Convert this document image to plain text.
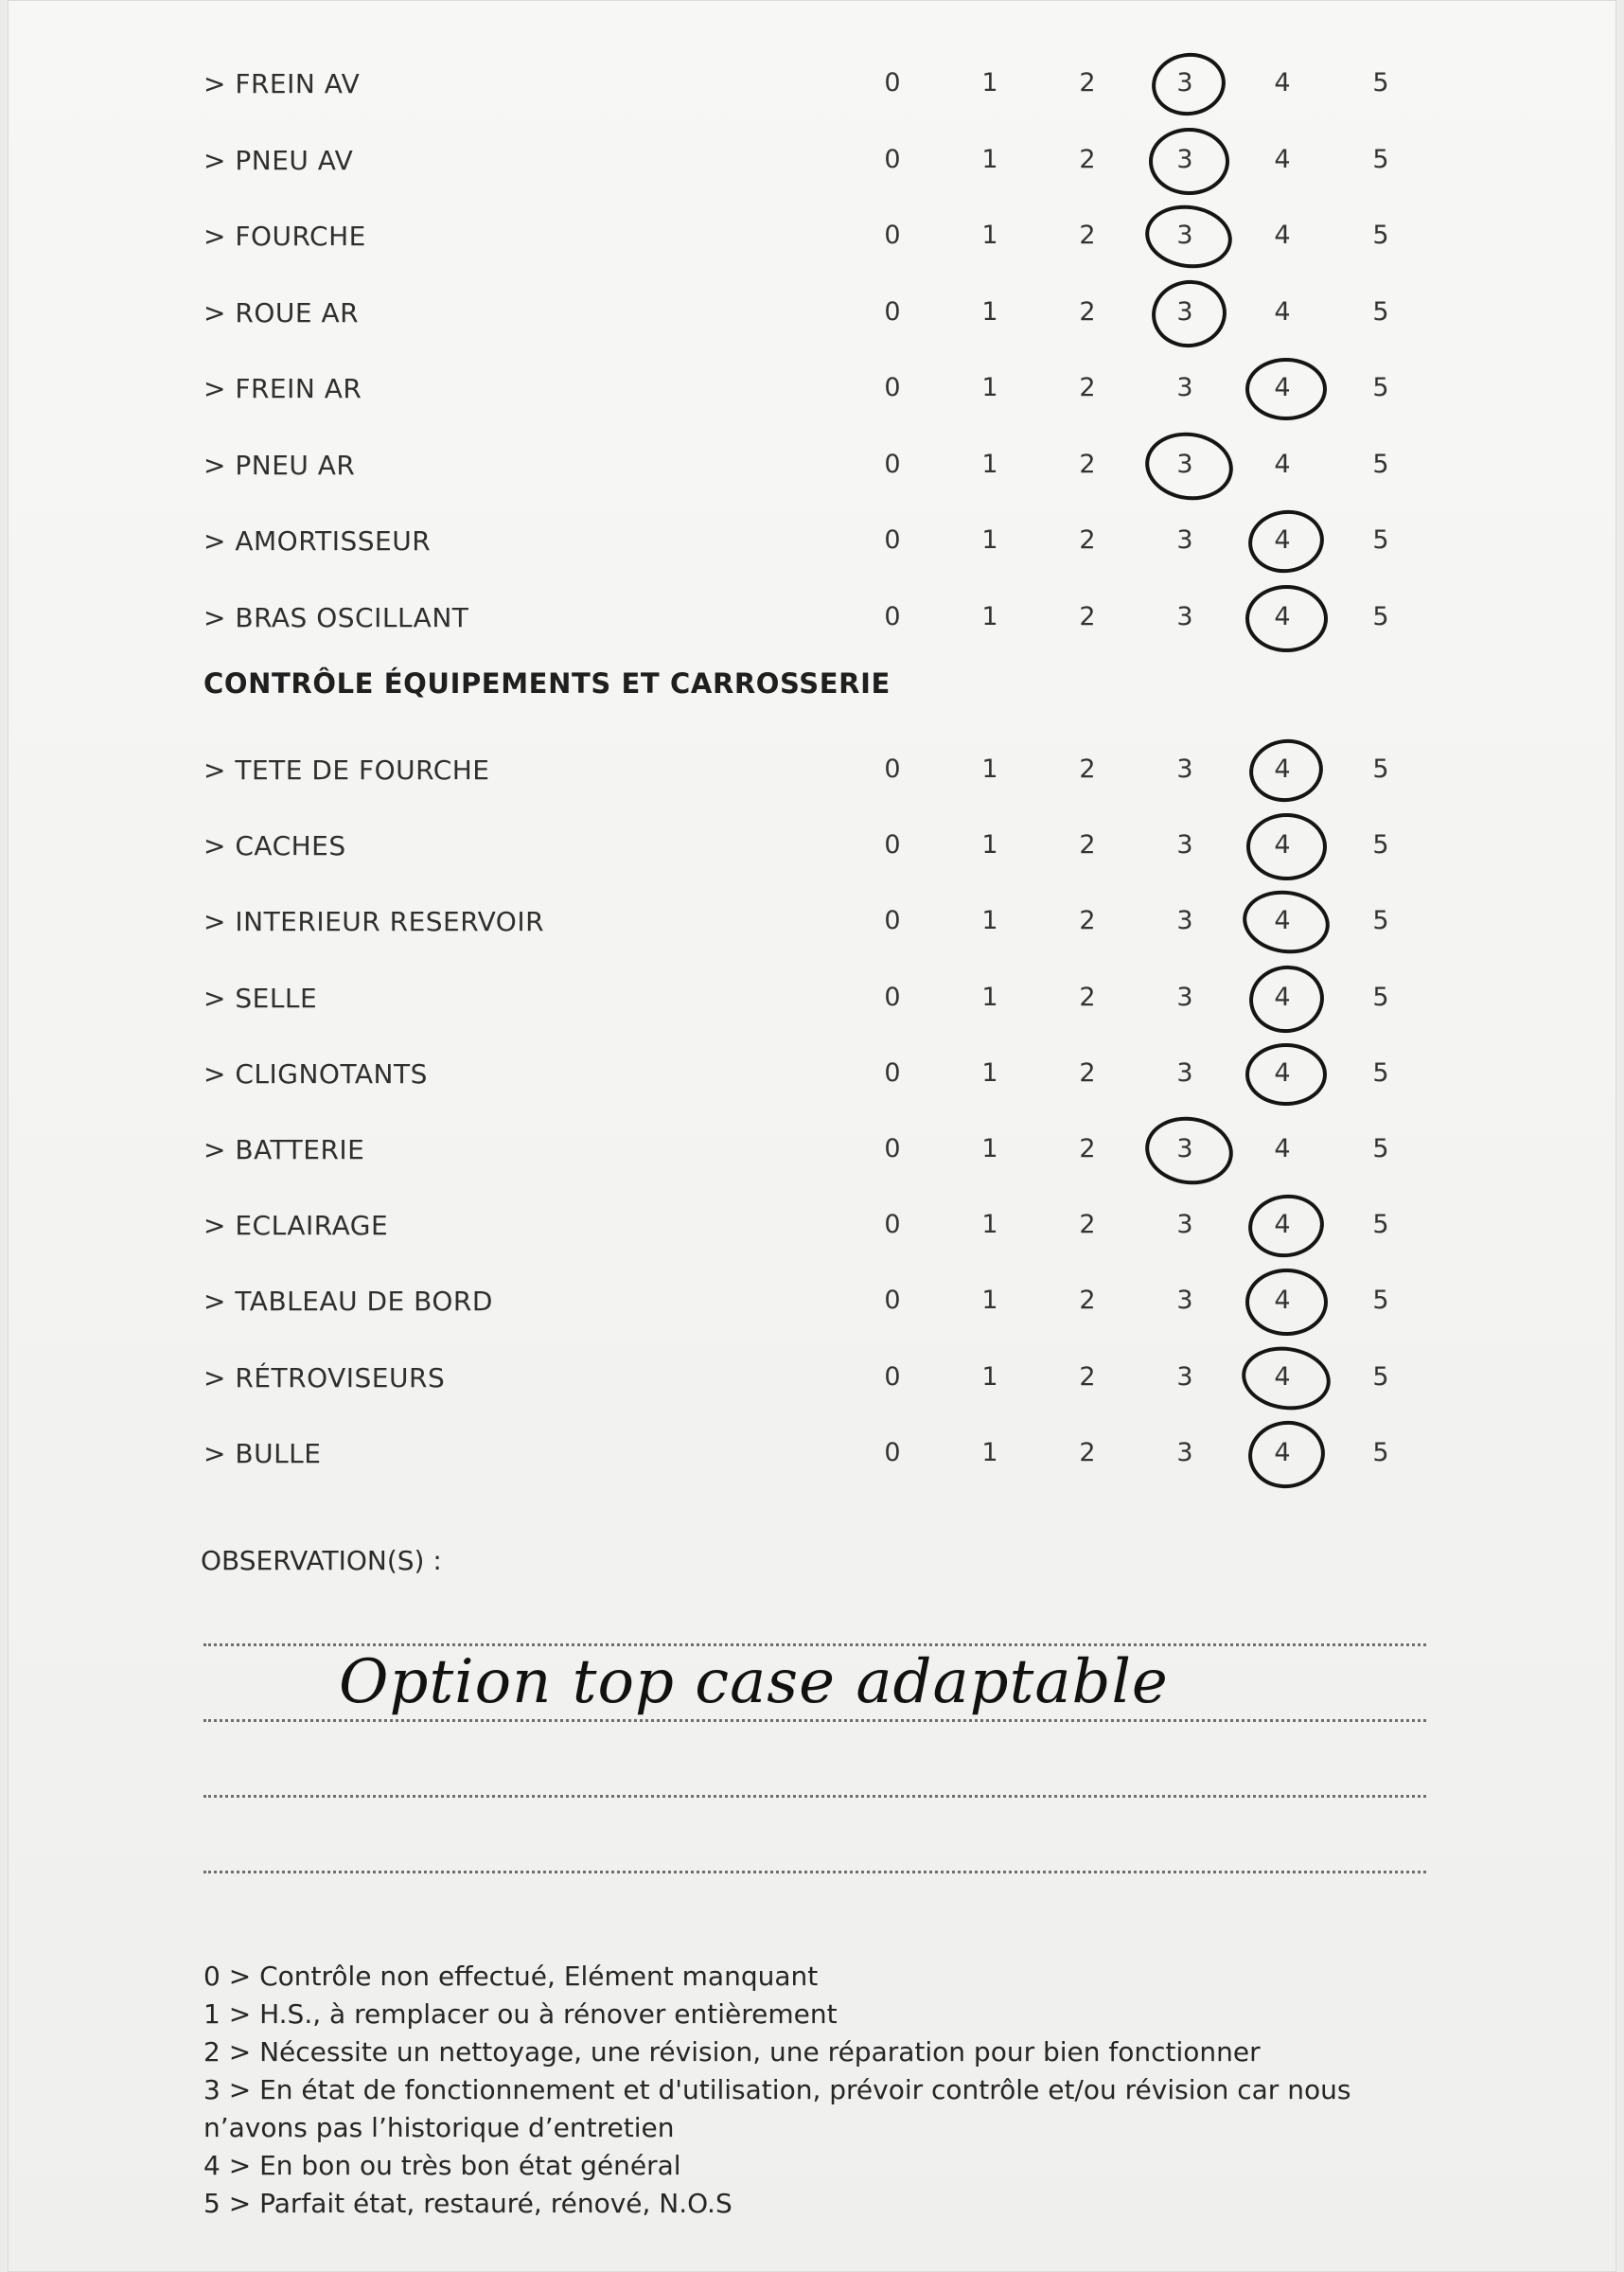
> FREIN AV	0	1	2	3	4	5
> PNEU AV	0	1	2	3	4	5
> FOURCHE	0	1	2	3	4	5
> ROUE AR	0	1	2	3	4	5
> FREIN AR	0	1	2	3	4	5
> PNEU AR	0	1	2	3	4	5
> AMORTISSEUR	0	1	2	3	4	5
> BRAS OSCILLANT	0	1	2	3	4	5
CONTRÔLE ÉQUIPEMENTS ET CARROSSERIE
> TETE DE FOURCHE	0	1	2	3	4	5
> CACHES	0	1	2	3	4	5
> INTERIEUR RESERVOIR	0	1	2	3	4	5
> SELLE	0	1	2	3	4	5
> CLIGNOTANTS	0	1	2	3	4	5
> BATTERIE	0	1	2	3	4	5
> ECLAIRAGE	0	1	2	3	4	5
> TABLEAU DE BORD	0	1	2	3	4	5
> RÉTROVISEURS	0	1	2	3	4	5
> BULLE	0	1	2	3	4	5
OBSERVATION(S) :
Option top case adaptable
0 > Contrôle non effectué, Elément manquant
1 > H.S., à remplacer ou à rénover entièrement
2 > Nécessite un nettoyage, une révision, une réparation pour bien fonctionner
3 > En état de fonctionnement et d'utilisation, prévoir contrôle et/ou révision car nous n’avons pas l’historique d’entretien
4 > En bon ou très bon état général
5 > Parfait état, restauré, rénové, N.O.S
